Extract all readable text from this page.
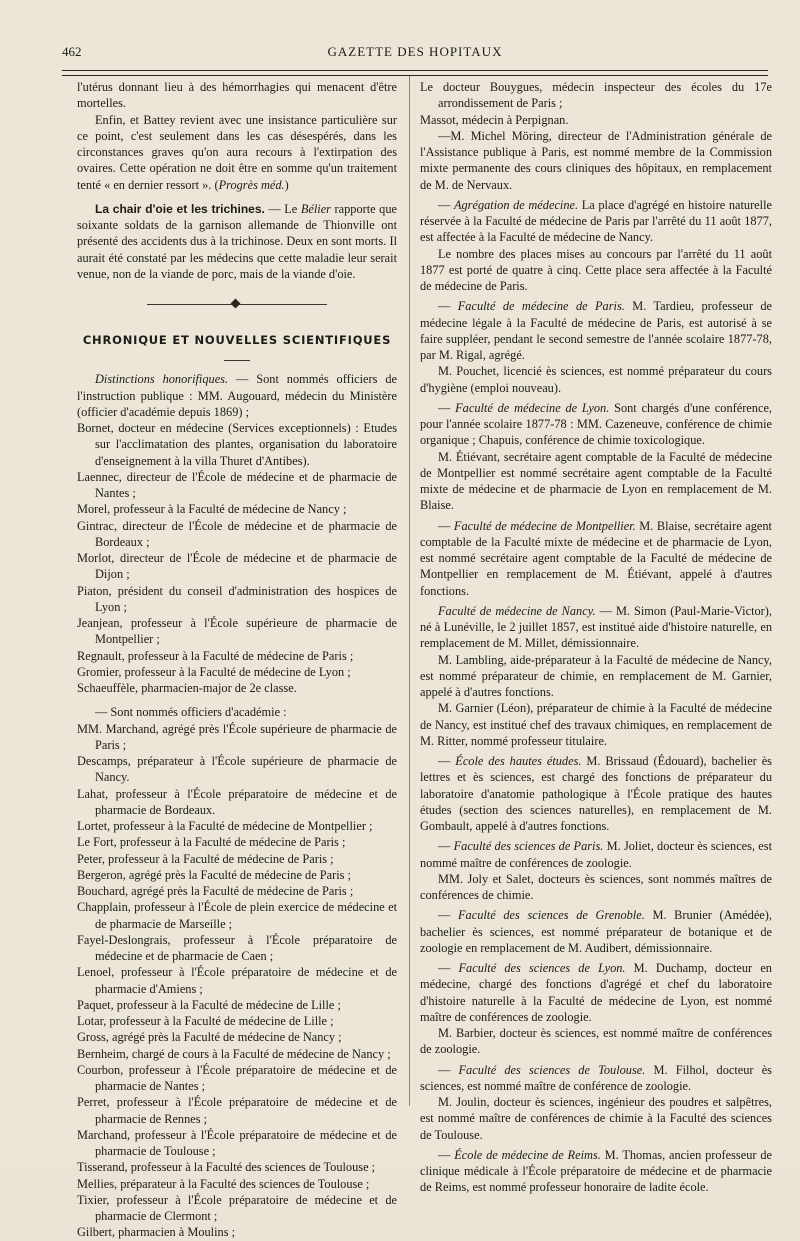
462	GAZETTE DES HOPITAUX

l'utérus donnant lieu à des hémorrhagies qui menacent d'être mortelles.

Enfin, et Battey revient avec une insistance particulière sur ce point, c'est seulement dans les cas désespérés, dans les circonstances graves qu'on aura recours à l'extirpation des ovaires. Cette opération ne doit être en somme qu'un traitement tenté « en dernier ressort ». (Progrès méd.)

La chair d'oie et les trichines. — Le Bélier rapporte que soixante soldats de la garnison allemande de Thionville ont présenté des accidents dus à la trichinose. Deux en sont morts. Il aurait été constaté par les médecins que cette maladie leur serait venue, non de la viande de porc, mais de la viande d'oie.

CHRONIQUE ET NOUVELLES SCIENTIFIQUES

Distinctions honorifiques. — Sont nommés officiers de l'instruction publique : MM. Augouard, médecin du Ministère (officier d'académie depuis 1869) ;

Bornet, docteur en médecine (Services exceptionnels) : Etudes sur l'acclimatation des plantes, organisation du laboratoire d'enseignement à la villa Thuret d'Antibes).

Laennec, directeur de l'École de médecine et de pharmacie de Nantes ;

Morel, professeur à la Faculté de médecine de Nancy ;

Gintrac, directeur de l'École de médecine et de pharmacie de Bordeaux ;

Morlot, directeur de l'École de médecine et de pharmacie de Dijon ;

Piaton, président du conseil d'administration des hospices de Lyon ;

Jeanjean, professeur à l'École supérieure de pharmacie de Montpellier ;

Regnault, professeur à la Faculté de médecine de Paris ;

Gromier, professeur à la Faculté de médecine de Lyon ;

Schaeuffèle, pharmacien-major de 2e classe.

— Sont nommés officiers d'académie :

MM. Marchand, agrégé près l'École supérieure de pharmacie de Paris ;

Descamps, préparateur à l'École supérieure de pharmacie de Nancy.

Lahat, professeur à l'École préparatoire de médecine et de pharmacie de Bordeaux.

Lortet, professeur à la Faculté de médecine de Montpellier ;

Le Fort, professeur à la Faculté de médecine de Paris ;

Peter, professeur à la Faculté de médecine de Paris ;

Bergeron, agrégé près la Faculté de médecine de Paris ;

Bouchard, agrégé près la Faculté de médecine de Paris ;

Chapplain, professeur à l'École de plein exercice de médecine et de pharmacie de Marseille ;

Fayel-Deslongrais, professeur à l'École préparatoire de médecine et de pharmacie de Caen ;

Lenoel, professeur à l'École préparatoire de médecine et de pharmacie d'Amiens ;

Paquet, professeur à la Faculté de médecine de Lille ;

Lotar, professeur à la Faculté de médecine de Lille ;

Gross, agrégé près la Faculté de médecine de Nancy ;

Bernheim, chargé de cours à la Faculté de médecine de Nancy ;

Courbon, professeur à l'École préparatoire de médecine et de pharmacie de Nantes ;

Perret, professeur à l'École préparatoire de médecine et de pharmacie de Rennes ;

Marchand, professeur à l'École préparatoire de médecine et de pharmacie de Toulouse ;

Tisserand, professeur à la Faculté des sciences de Toulouse ;

Mellies, préparateur à la Faculté des sciences de Toulouse ;

Tixier, professeur à l'École préparatoire de médecine et de pharmacie de Clermont ;

Gilbert, pharmacien à Moulins ;

Le docteur Bouygues, médecin inspecteur des écoles du 17e arrondissement de Paris ;

Massot, médecin à Perpignan.

—M. Michel Möring, directeur de l'Administration générale de l'Assistance publique à Paris, est nommé membre de la Commission mixte permanente des cours cliniques des hôpitaux, en remplacement de M. de Nervaux.

— Agrégation de médecine. La place d'agrégé en histoire naturelle réservée à la Faculté de médecine de Paris par l'arrêté du 11 août 1877, est affectée à la Faculté de médecine de Nancy.

Le nombre des places mises au concours par l'arrêté du 11 août 1877 est porté de quatre à cinq. Cette place sera affectée à la Faculté de médecine de Paris.

— Faculté de médecine de Paris. M. Tardieu, professeur de médecine légale à la Faculté de médecine de Paris, est autorisé à se faire suppléer, pendant le second semestre de l'année scolaire 1877-78, par M. Rigal, agrégé.

M. Pouchet, licencié ès sciences, est nommé préparateur du cours d'hygiène (emploi nouveau).

— Faculté de médecine de Lyon. Sont chargés d'une conférence, pour l'année scolaire 1877-78 : MM. Cazeneuve, conférence de chimie organique ; Chapuis, conférence de chimie toxicologique.

M. Étiévant, secrétaire agent comptable de la Faculté de médecine de Montpellier est nommé secrétaire agent comptable de la Faculté mixte de médecine et de pharmacie de Lyon en remplacement de M. Blaise.

— Faculté de médecine de Montpellier. M. Blaise, secrétaire agent comptable de la Faculté mixte de médecine et de pharmacie de Lyon, est nommé secrétaire agent comptable de la Faculté de médecine de Montpellier en remplacement de M. Étiévant, appelé à d'autres fonctions.

Faculté de médecine de Nancy. — M. Simon (Paul-Marie-Victor), né à Lunéville, le 2 juillet 1857, est institué aide d'histoire naturelle, en remplacement de M. Millet, démissionnaire.

M. Lambling, aide-préparateur à la Faculté de médecine de Nancy, est nommé préparateur de chimie, en remplacement de M. Garnier, appelé à d'autres fonctions.

M. Garnier (Léon), préparateur de chimie à la Faculté de médecine de Nancy, est institué chef des travaux chimiques, en remplacement de M. Ritter, nommé professeur titulaire.

— École des hautes études. M. Brissaud (Édouard), bachelier ès lettres et ès sciences, est chargé des fonctions de préparateur du laboratoire d'anatomie pathologique à l'École pratique des hautes études (section des sciences naturelles), en remplacement de M. Gombault, appelé à d'autres fonctions.

— Faculté des sciences de Paris. M. Joliet, docteur ès sciences, est nommé maître de conférences de zoologie.

MM. Joly et Salet, docteurs ès sciences, sont nommés maîtres de conférences de chimie.

— Faculté des sciences de Grenoble. M. Brunier (Amédée), bachelier ès sciences, est nommé préparateur de botanique et de zoologie en remplacement de M. Audibert, démissionnaire.

— Faculté des sciences de Lyon. M. Duchamp, docteur en médecine, chargé des fonctions d'agrégé et chef du laboratoire d'histoire naturelle à la Faculté de médecine de Lyon, est nommé maître de conférences de zoologie.

M. Barbier, docteur ès sciences, est nommé maître de conférences de zoologie.

— Faculté des sciences de Toulouse. M. Filhol, docteur ès sciences, est nommé maître de conférence de zoologie.

M. Joulin, docteur ès sciences, ingénieur des poudres et salpêtres, est nommé maître de conférences de chimie à la Faculté des sciences de Toulouse.

— École de médecine de Reims. M. Thomas, ancien professeur de clinique médicale à l'École préparatoire de médecine et de pharmacie de Reims, est nommé professeur honoraire de ladite école.
